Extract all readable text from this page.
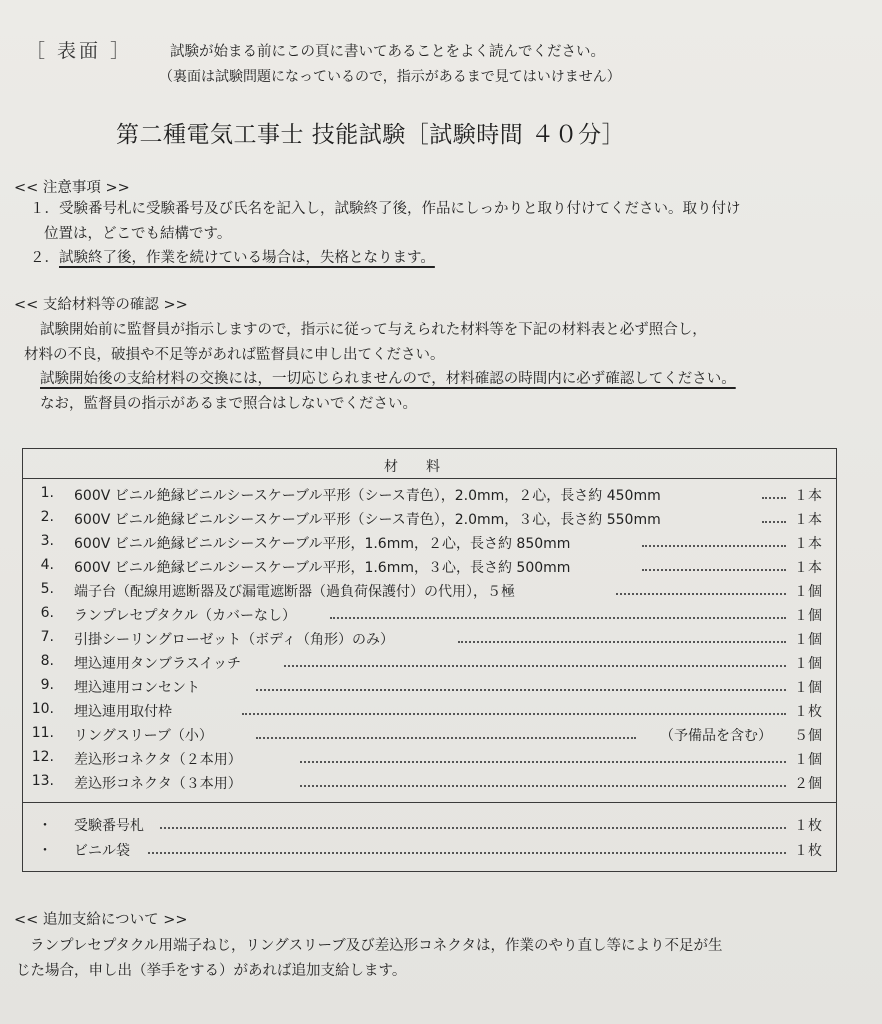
［ 表面 ］	試験が始まる前にこの頁に書いてあることをよく読んでください。
（裏面は試験問題になっているので，指示があるまで見てはいけません）
第二種電気工事士 技能試験［試験時間 ４０分］
<< 注意事項 >>
１．受験番号札に受験番号及び氏名を記入し，試験終了後，作品にしっかりと取り付けてください。取り付け
位置は，どこでも結構です。
２．試験終了後，作業を続けている場合は，失格となります。
<< 支給材料等の確認 >>
試験開始前に監督員が指示しますので，指示に従って与えられた材料等を下記の材料表と必ず照合し，
材料の不良，破損や不足等があれば監督員に申し出てください。
試験開始後の支給材料の交換には，一切応じられませんので，材料確認の時間内に必ず確認してください。
なお，監督員の指示があるまで照合はしないでください。
材料
1. 600V ビニル絶縁ビニルシースケーブル平形（シース青色），2.0mm，２心，長さ約 450mm	１本
2. 600V ビニル絶縁ビニルシースケーブル平形（シース青色），2.0mm，３心，長さ約 550mm	１本
3. 600V ビニル絶縁ビニルシースケーブル平形，1.6mm，２心，長さ約 850mm	１本
4. 600V ビニル絶縁ビニルシースケーブル平形，1.6mm，３心，長さ約 500mm	１本
5. 端子台（配線用遮断器及び漏電遮断器（過負荷保護付）の代用），５極	１個
6. ランプレセプタクル（カバーなし）	１個
7. 引掛シーリングローゼット（ボディ（角形）のみ）	１個
8. 埋込連用タンブラスイッチ	１個
9. 埋込連用コンセント	１個
10. 埋込連用取付枠	１枚
11. リングスリーブ（小）	（予備品を含む） ５個
12. 差込形コネクタ（２本用）	１個
13. 差込形コネクタ（３本用）	２個
・ 受験番号札	１枚
・ ビニル袋	１枚
<< 追加支給について >>
ランプレセプタクル用端子ねじ，リングスリーブ及び差込形コネクタは，作業のやり直し等により不足が生
じた場合，申し出（挙手をする）があれば追加支給します。
